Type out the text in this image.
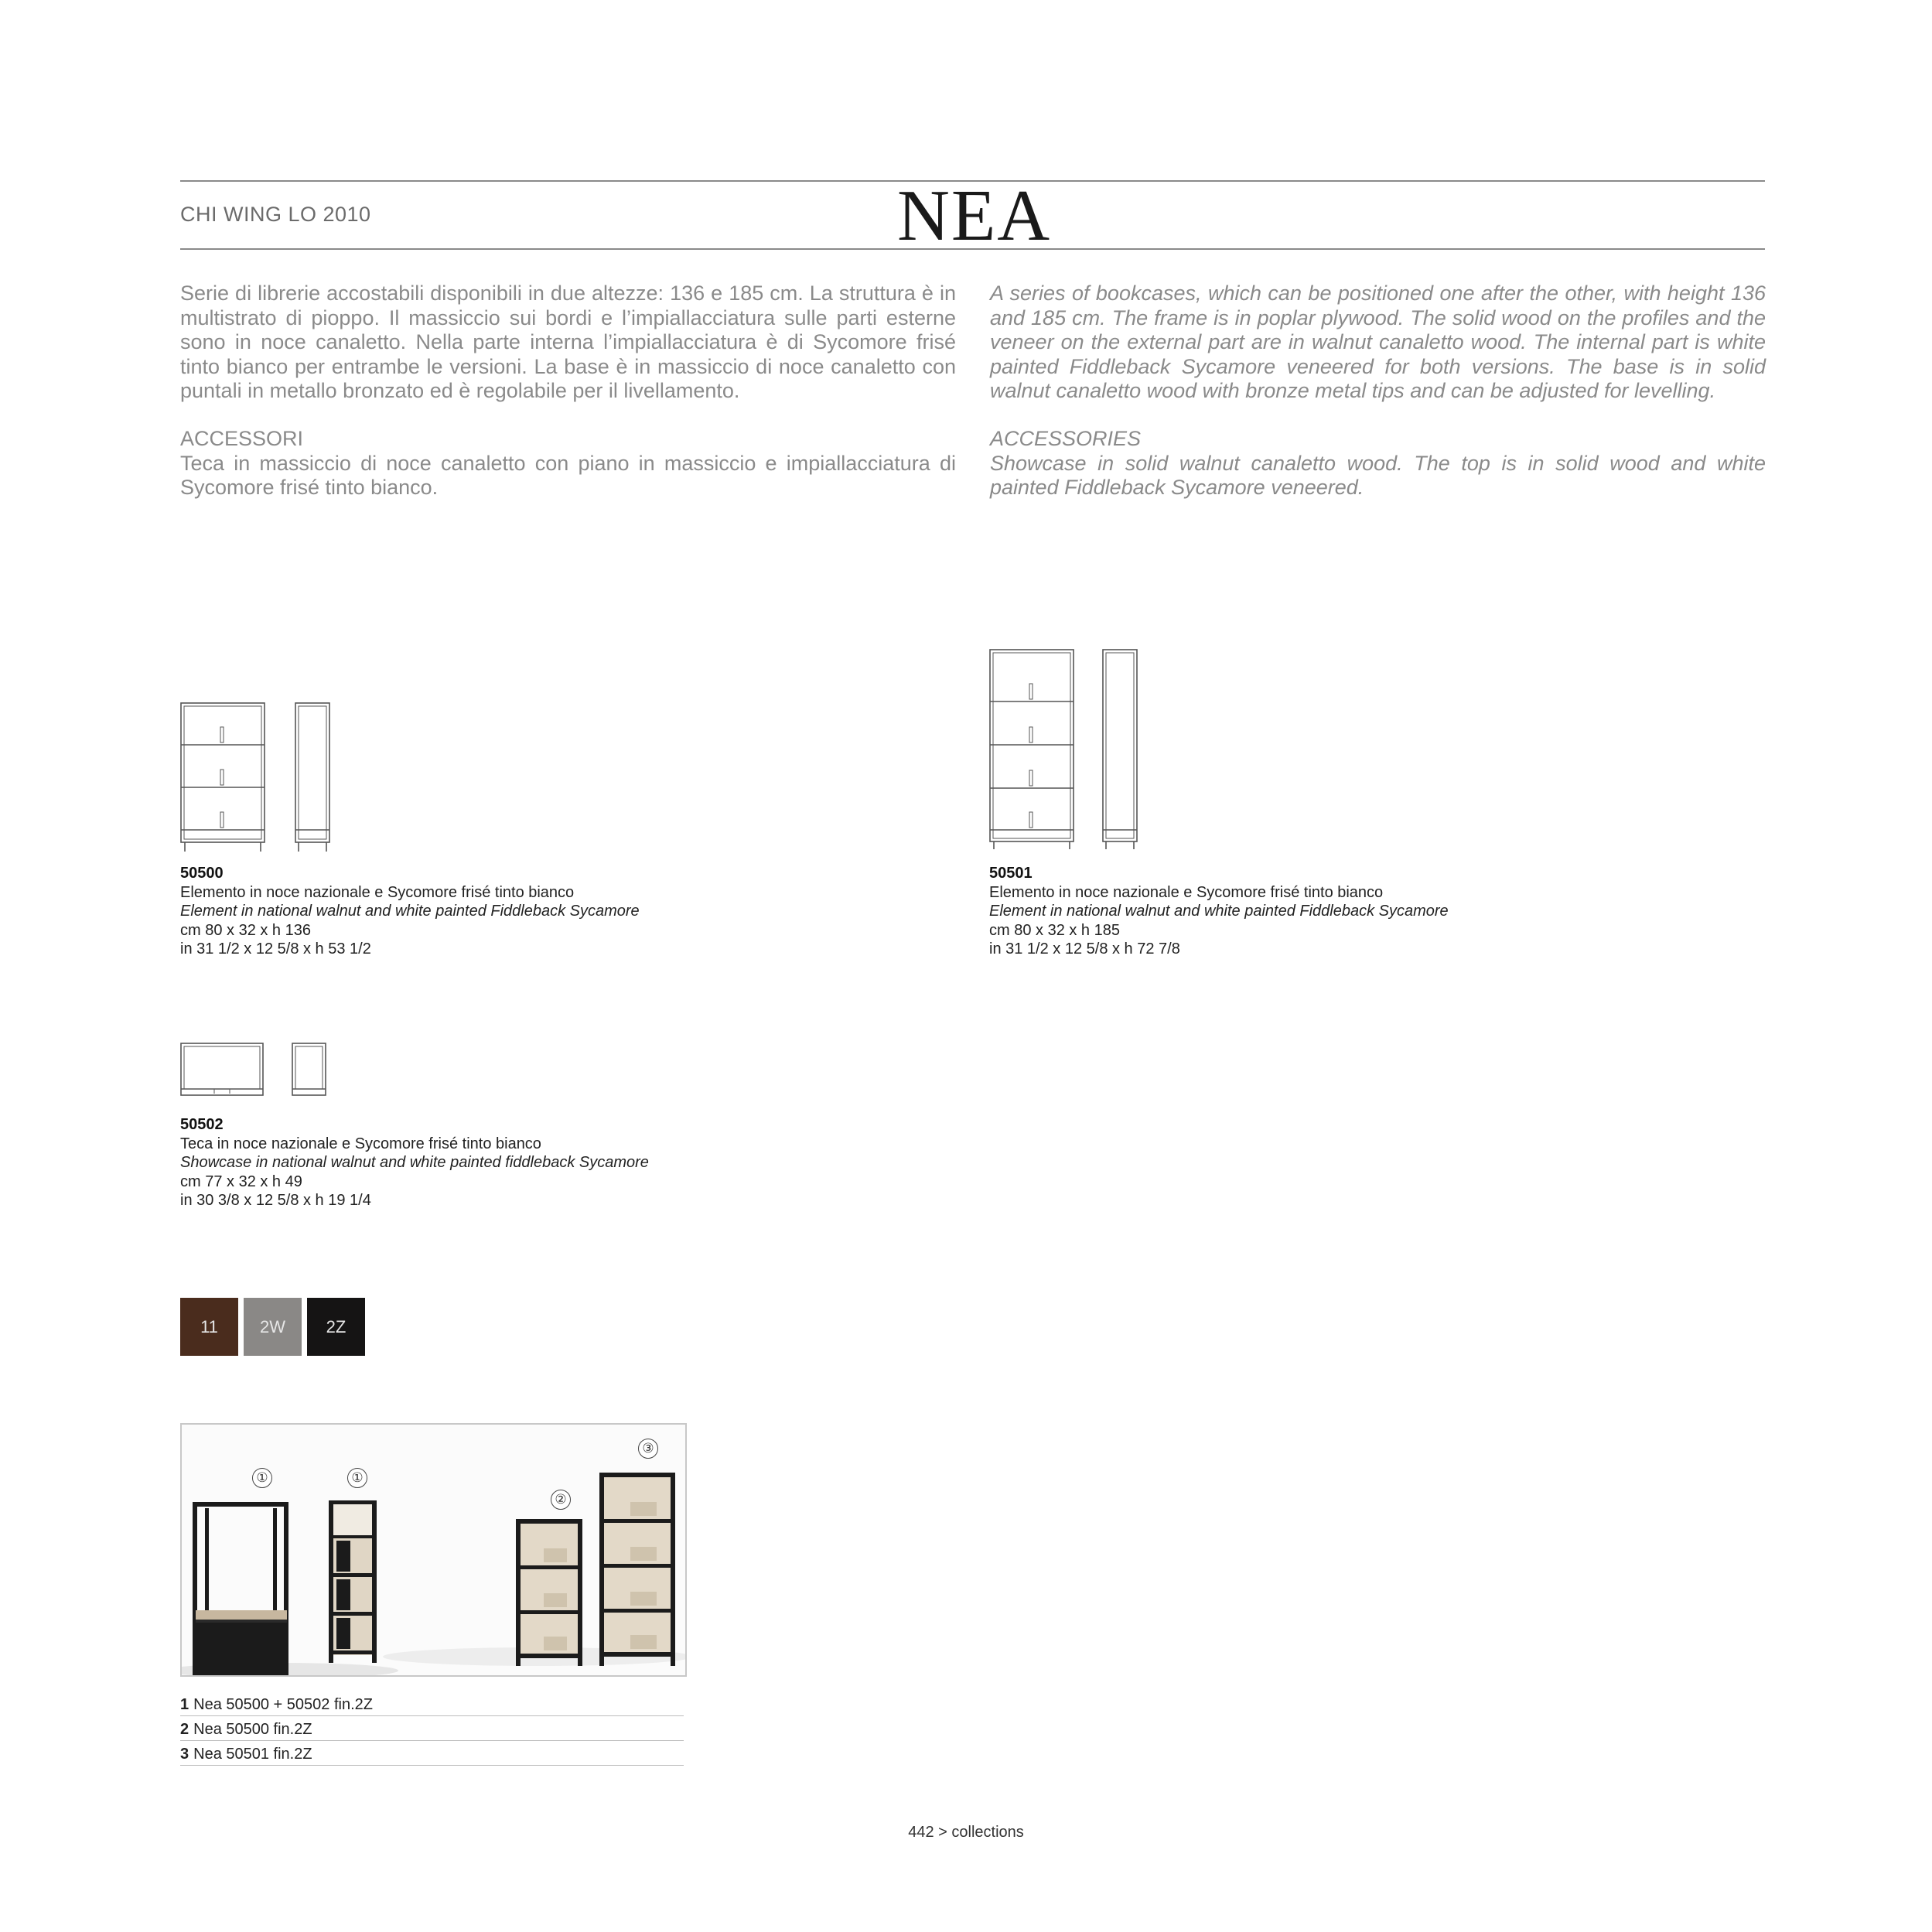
CHI WING LO 2010	NEA

Serie di librerie accostabili disponibili in due altezze: 136 e 185 cm. La struttura è in multistrato di pioppo. Il massiccio sui bordi e l’impiallacciatura sulle parti esterne sono in noce canaletto. Nella parte interna l’impiallacciatura è di Sycomore frisé tinto bianco per entrambe le versioni. La base è in massiccio di noce canaletto con puntali in metallo bronzato ed è regolabile per il livellamento.

ACCESSORI

Teca in massiccio di noce canaletto con piano in massiccio e impiallacciatura di Sycomore frisé tinto bianco.

A series of bookcases, which can be positioned one after the other, with height 136 and 185 cm. The frame is in poplar plywood. The solid wood on the profiles and the veneer on the external part are in walnut canaletto wood. The internal part is white painted Fiddleback Sycamore veneered for both versions. The base is in solid walnut canaletto wood with bronze metal tips and can be adjusted for levelling.

ACCESSORIES

Showcase in solid walnut canaletto wood. The top is in solid wood and white painted Fiddleback Sycamore veneered.

50500
Elemento in noce nazionale e Sycomore frisé tinto bianco
Element in national walnut and white painted Fiddleback Sycamore
cm 80 x 32 x h 136
in 31 1/2 x 12 5/8 x h 53 1/2
50501
Elemento in noce nazionale e Sycomore frisé tinto bianco
Element in national walnut and white painted Fiddleback Sycamore
cm 80 x 32 x h 185
in 31 1/2 x 12 5/8 x h 72 7/8
50502
Teca in noce nazionale e Sycomore frisé tinto bianco
Showcase in national walnut and white painted fiddleback Sycamore
cm 77 x 32 x h 49
in 30 3/8 x 12 5/8 x h 19 1/4
11 2W 2Z
①	①
②
③
1 Nea 50500 + 50502 fin.2Z
2 Nea 50500 fin.2Z
3 Nea 50501 fin.2Z
442 > collections
